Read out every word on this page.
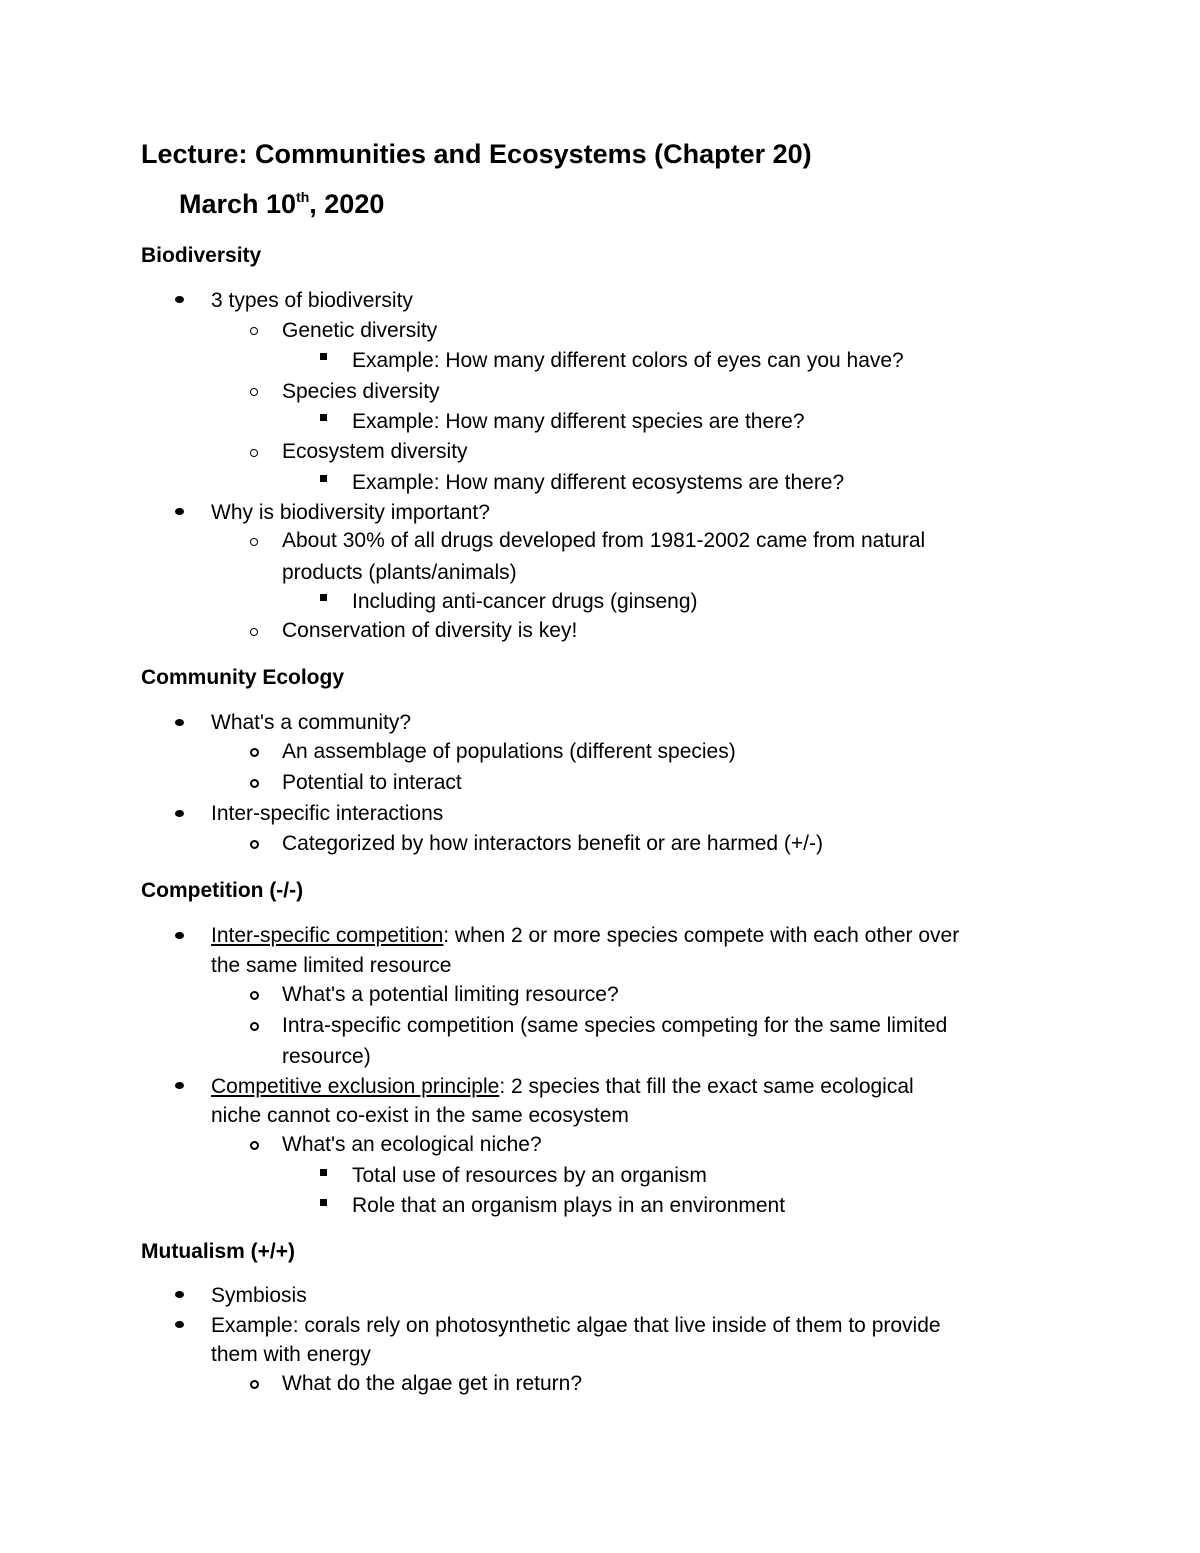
Lecture: Communities and Ecosystems (Chapter 20)
March 10th, 2020
Biodiversity
3 types of biodiversity
Genetic diversity
Example: How many different colors of eyes can you have?
Species diversity
Example: How many different species are there?
Ecosystem diversity
Example: How many different ecosystems are there?
Why is biodiversity important?
About 30% of all drugs developed from 1981-2002 came from natural
products (plants/animals)
Including anti-cancer drugs (ginseng)
Conservation of diversity is key!
Community Ecology
What's a community?
An assemblage of populations (different species)
Potential to interact
Inter-specific interactions
Categorized by how interactors benefit or are harmed (+/-)
Competition (-/-)
Inter-specific competition: when 2 or more species compete with each other over
the same limited resource
What's a potential limiting resource?
Intra-specific competition (same species competing for the same limited
resource)
Competitive exclusion principle: 2 species that fill the exact same ecological
niche cannot co-exist in the same ecosystem
What's an ecological niche?
Total use of resources by an organism
Role that an organism plays in an environment
Mutualism (+/+)
Symbiosis
Example: corals rely on photosynthetic algae that live inside of them to provide
them with energy
What do the algae get in return?
